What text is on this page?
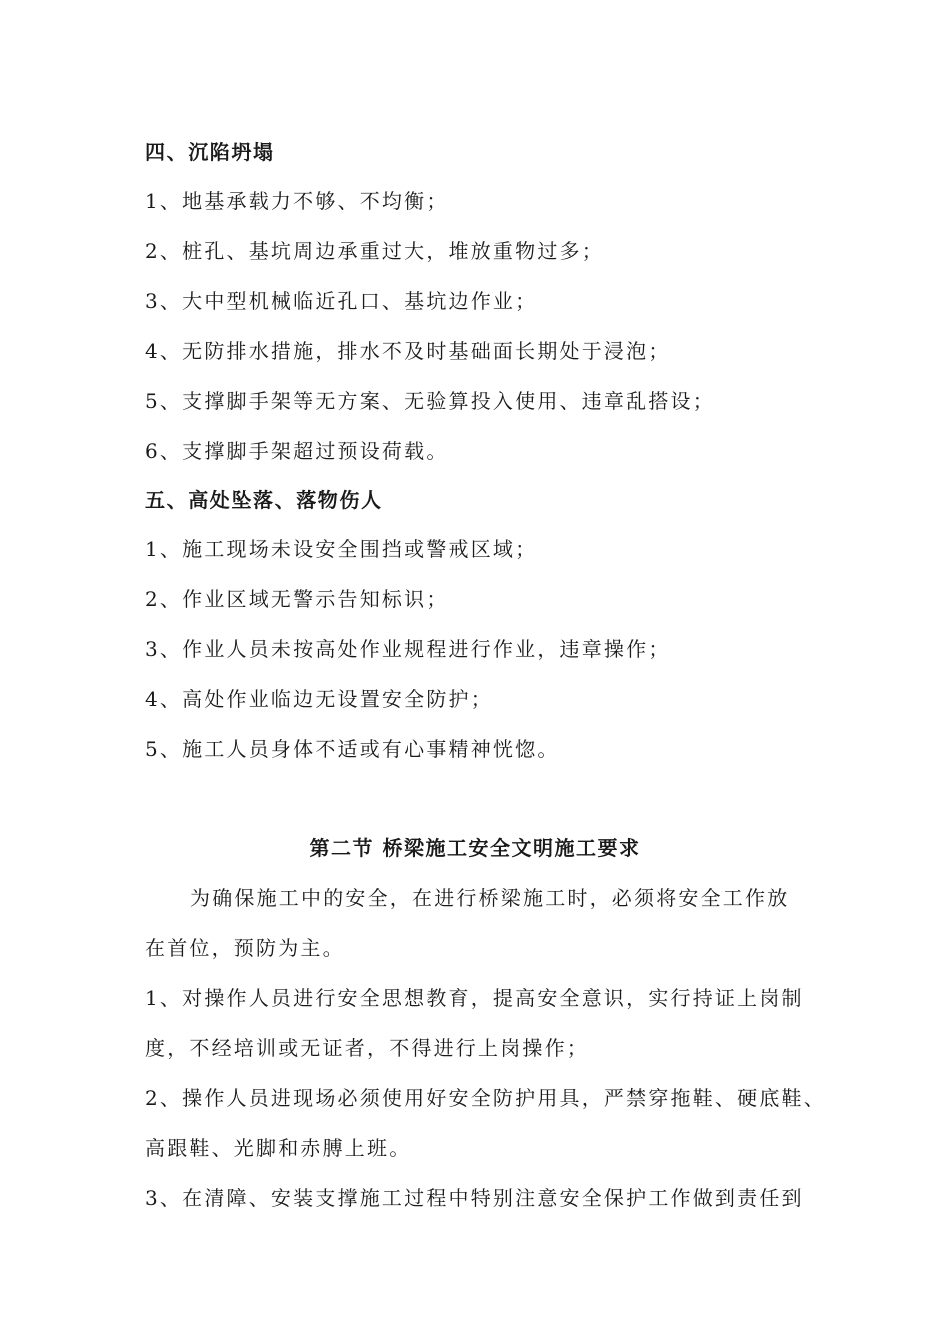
四、沉陷坍塌
1、地基承载力不够、不均衡；
2、桩孔、基坑周边承重过大，堆放重物过多；
3、大中型机械临近孔口、基坑边作业；
4、无防排水措施，排水不及时基础面长期处于浸泡；
5、支撑脚手架等无方案、无验算投入使用、违章乱搭设；
6、支撑脚手架超过预设荷载。
五、高处坠落、落物伤人
1、施工现场未设安全围挡或警戒区域；
2、作业区域无警示告知标识；
3、作业人员未按高处作业规程进行作业，违章操作；
4、高处作业临边无设置安全防护；
5、施工人员身体不适或有心事精神恍惚。
第二节 桥梁施工安全文明施工要求
为确保施工中的安全，在进行桥梁施工时，必须将安全工作放
在首位，预防为主。
1、对操作人员进行安全思想教育，提高安全意识，实行持证上岗制
度，不经培训或无证者，不得进行上岗操作；
2、操作人员进现场必须使用好安全防护用具，严禁穿拖鞋、硬底鞋、
高跟鞋、光脚和赤膊上班。
3、在清障、安装支撑施工过程中特别注意安全保护工作做到责任到
